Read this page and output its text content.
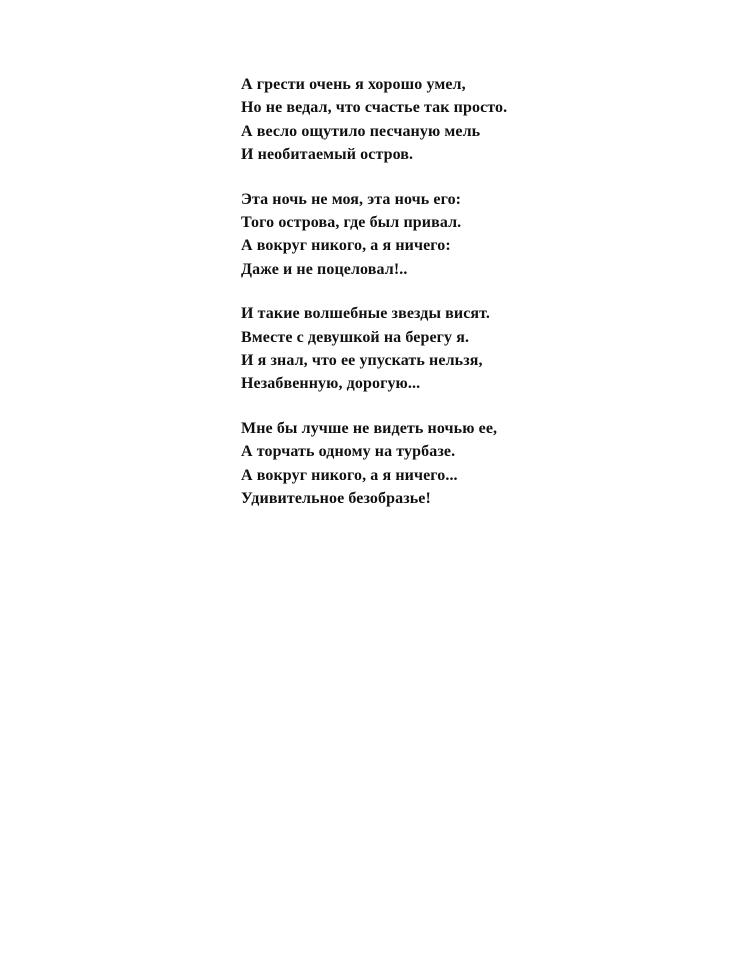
А грести очень я хорошо умел,
Но не ведал, что счастье так просто.
А весло ощутило песчаную мель
И необитаемый остров.
Эта ночь не моя, эта ночь его:
Того острова, где был привал.
А вокруг никого, а я ничего:
Даже и не поцеловал!..
И такие волшебные звезды висят.
Вместе с девушкой на берегу я.
И я знал, что ее упускать нельзя,
Незабвенную, дорогую...
Мне бы лучше не видеть ночью ее,
А торчать одному на турбазе.
А вокруг никого, а я ничего...
Удивительное безобразье!
